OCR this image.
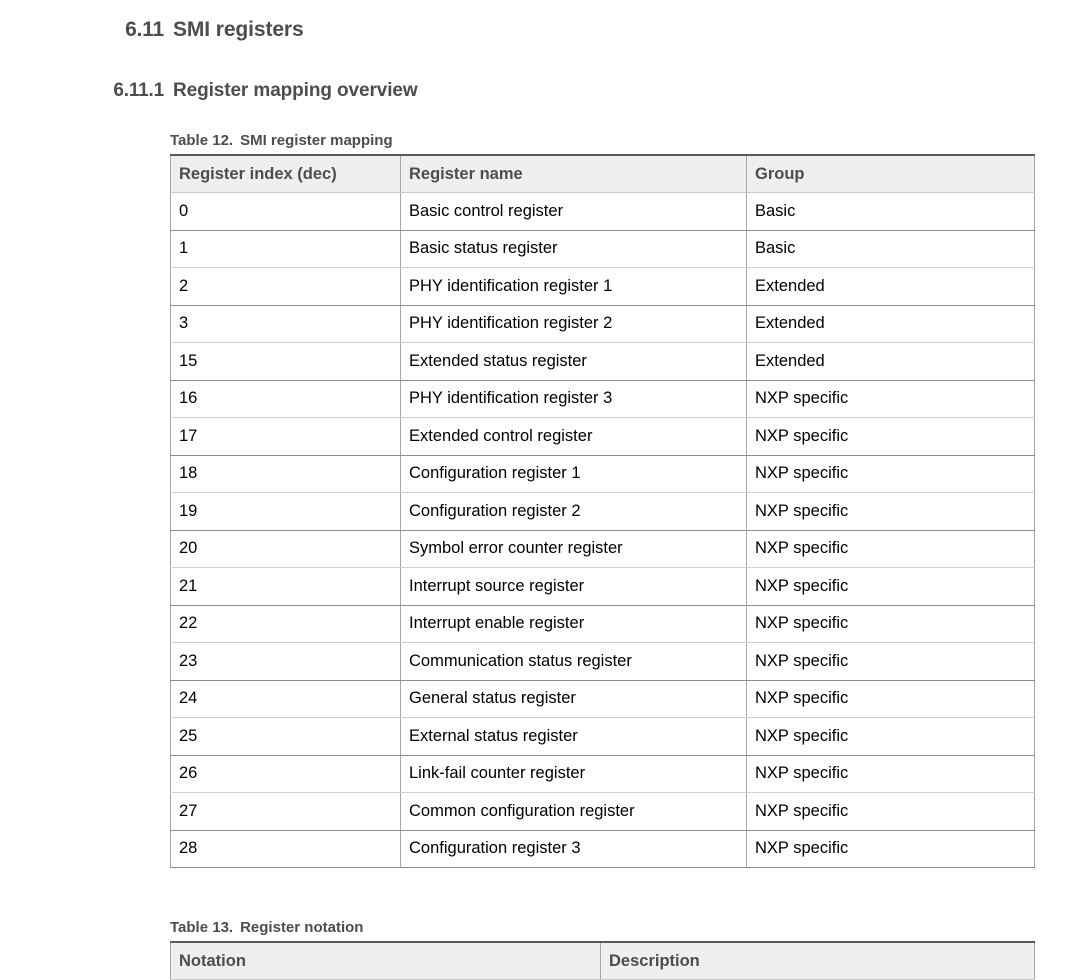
6.11 SMI registers
6.11.1 Register mapping overview
Table 12. SMI register mapping
Register index (dec)	Register name	Group
0	Basic control register	Basic
1	Basic status register	Basic
2	PHY identification register 1	Extended
3	PHY identification register 2	Extended
15	Extended status register	Extended
16	PHY identification register 3	NXP specific
17	Extended control register	NXP specific
18	Configuration register 1	NXP specific
19	Configuration register 2	NXP specific
20	Symbol error counter register	NXP specific
21	Interrupt source register	NXP specific
22	Interrupt enable register	NXP specific
23	Communication status register	NXP specific
24	General status register	NXP specific
25	External status register	NXP specific
26	Link-fail counter register	NXP specific
27	Common configuration register	NXP specific
28	Configuration register 3	NXP specific
Table 13. Register notation
Notation	Description
